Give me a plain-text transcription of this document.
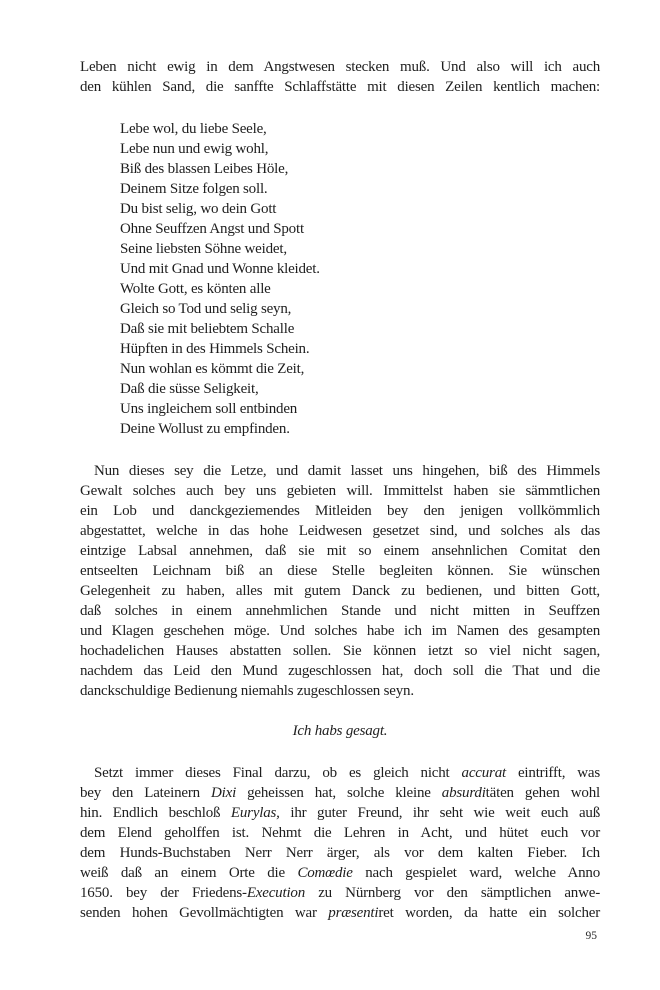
Leben nicht ewig in dem Angstwesen stecken muß. Und also will ich auch
den kühlen Sand, die sanffte Schlaffstätte mit diesen Zeilen kentlich machen:
Lebe wol, du liebe Seele,
Lebe nun und ewig wohl,
Biß des blassen Leibes Höle,
Deinem Sitze folgen soll.
Du bist selig, wo dein Gott
Ohne Seuffzen Angst und Spott
Seine liebsten Söhne weidet,
Und mit Gnad und Wonne kleidet.
Wolte Gott, es könten alle
Gleich so Tod und selig seyn,
Daß sie mit beliebtem Schalle
Hüpften in des Himmels Schein.
Nun wohlan es kömmt die Zeit,
Daß die süsse Seligkeit,
Uns ingleichem soll entbinden
Deine Wollust zu empfinden.
Nun dieses sey die Letze, und damit lasset uns hingehen, biß des Himmels
Gewalt solches auch bey uns gebieten will. Immittelst haben sie sämmtlichen
ein Lob und danckgeziemendes Mitleiden bey den jenigen vollkömmlich
abgestattet, welche in das hohe Leidwesen gesetzet sind, und solches als das
eintzige Labsal annehmen, daß sie mit so einem ansehnlichen Comitat den
entseelten Leichnam biß an diese Stelle begleiten können. Sie wünschen
Gelegenheit zu haben, alles mit gutem Danck zu bedienen, und bitten Gott,
daß solches in einem annehmlichen Stande und nicht mitten in Seuffzen
und Klagen geschehen möge. Und solches habe ich im Namen des gesampten
hochadelichen Hauses abstatten sollen. Sie können ietzt so viel nicht sagen,
nachdem das Leid den Mund zugeschlossen hat, doch soll die That und die
danckschuldige Bedienung niemahls zugeschlossen seyn.
Ich habs gesagt.
Setzt immer dieses Final darzu, ob es gleich nicht accurat eintrifft, was
bey den Lateinern Dixi geheissen hat, solche kleine absurditäten gehen wohl
hin. Endlich beschloß Eurylas, ihr guter Freund, ihr seht wie weit euch auß
dem Elend geholffen ist. Nehmt die Lehren in Acht, und hütet euch vor
dem Hunds-Buchstaben Nerr Nerr ärger, als vor dem kalten Fieber. Ich
weiß daß an einem Orte die Comœdie nach gespielet ward, welche Anno
1650. bey der Friedens-Execution zu Nürnberg vor den sämptlichen anwe-
senden hohen Gevollmächtigten war præsentiret worden, da hatte ein solcher
95
